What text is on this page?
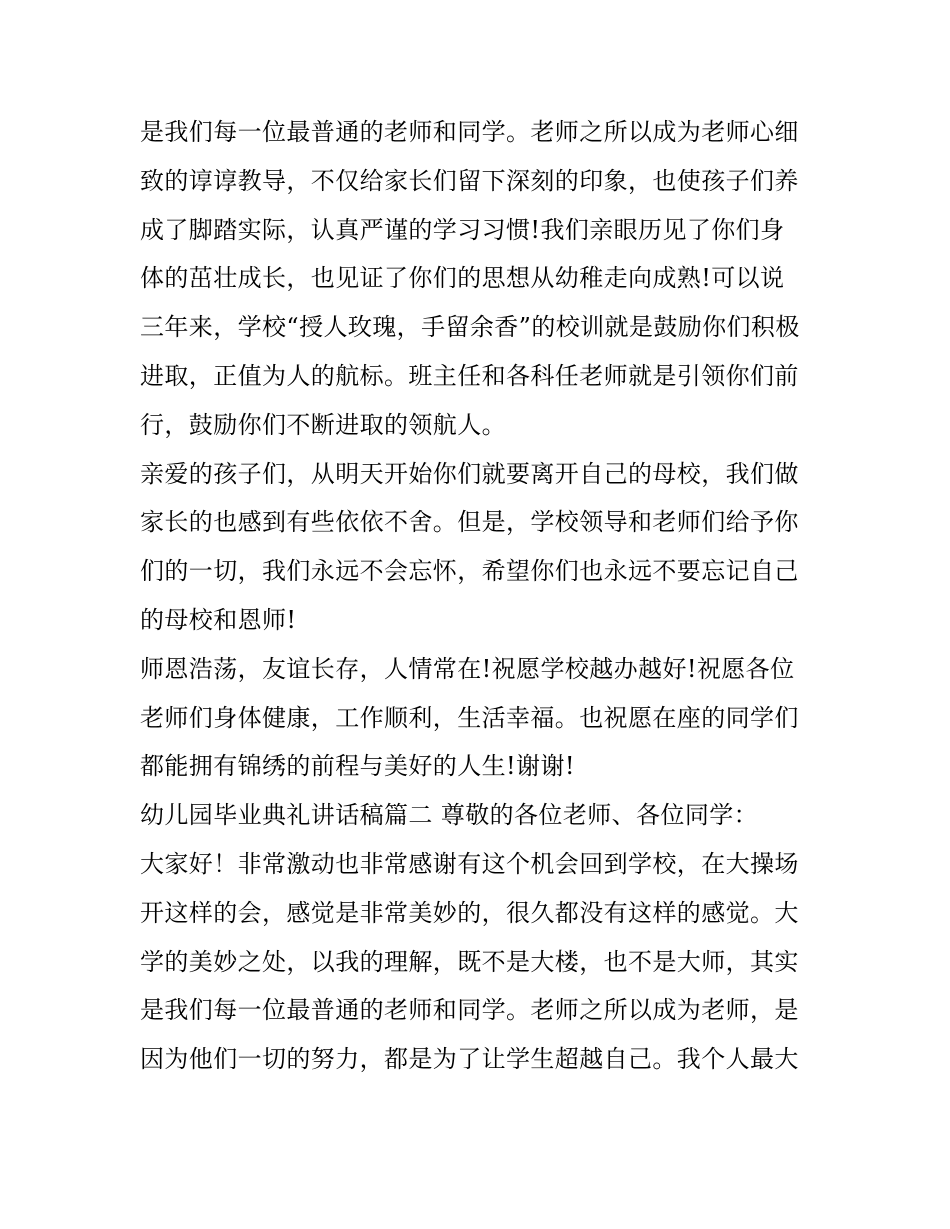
是我们每一位最普通的老师和同学。老师之所以成为老师心细
致的谆谆教导，不仅给家长们留下深刻的印象，也使孩子们养
成了脚踏实际，认真严谨的学习习惯!我们亲眼历见了你们身
体的茁壮成长，也见证了你们的思想从幼稚走向成熟!可以说
三年来，学校“授人玫瑰，手留余香”的校训就是鼓励你们积极
进取，正值为人的航标。班主任和各科任老师就是引领你们前
行，鼓励你们不断进取的领航人。
亲爱的孩子们，从明天开始你们就要离开自己的母校，我们做
家长的也感到有些依依不舍。但是，学校领导和老师们给予你
们的一切，我们永远不会忘怀，希望你们也永远不要忘记自己
的母校和恩师!
师恩浩荡，友谊长存，人情常在!祝愿学校越办越好!祝愿各位
老师们身体健康，工作顺利，生活幸福。也祝愿在座的同学们
都能拥有锦绣的前程与美好的人生!谢谢!
幼儿园毕业典礼讲话稿篇二 尊敬的各位老师、各位同学：
大家好！非常激动也非常感谢有这个机会回到学校，在大操场
开这样的会，感觉是非常美妙的，很久都没有这样的感觉。大
学的美妙之处，以我的理解，既不是大楼，也不是大师，其实
是我们每一位最普通的老师和同学。老师之所以成为老师，是
因为他们一切的努力，都是为了让学生超越自己。我个人最大
